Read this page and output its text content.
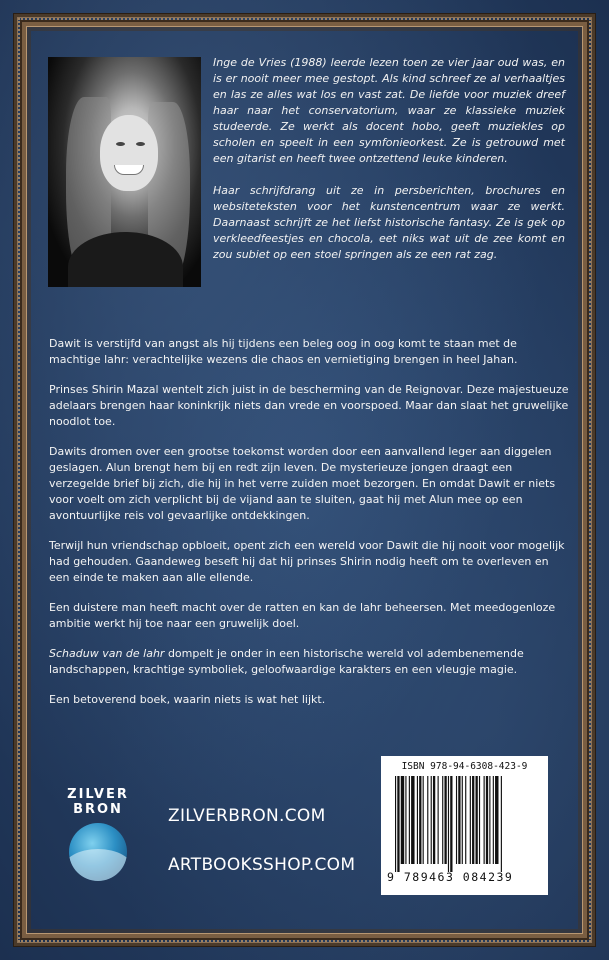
Inge de Vries (1988) leerde lezen toen ze vier jaar oud was, en is er nooit meer mee gestopt. Als kind schreef ze al verhaaltjes en las ze alles wat los en vast zat. De liefde voor muziek dreef haar naar het conservatorium, waar ze klassieke muziek studeerde. Ze werkt als docent hobo, geeft muziekles op scholen en speelt in een symfonieorkest. Ze is getrouwd met een gitarist en heeft twee ontzettend leuke kinderen.

Haar schrijfdrang uit ze in persberichten, brochures en websiteteksten voor het kunstencentrum waar ze werkt. Daarnaast schrijft ze het liefst historische fantasy. Ze is gek op verkleedfeestjes en chocola, eet niks wat uit de zee komt en zou subiet op een stoel springen als ze een rat zag.

Dawit is verstijfd van angst als hij tijdens een beleg oog in oog komt te staan met de machtige lahr: verachtelijke wezens die chaos en vernietiging brengen in heel Jahan.

Prinses Shirin Mazal wentelt zich juist in de bescherming van de Reignovar. Deze majestueuze adelaars brengen haar koninkrijk niets dan vrede en voorspoed. Maar dan slaat het gruwelijke noodlot toe.

Dawits dromen over een grootse toekomst worden door een aanvallend leger aan diggelen geslagen. Alun brengt hem bij en redt zijn leven. De mysterieuze jongen draagt een verzegelde brief bij zich, die hij in het verre zuiden moet bezorgen. En omdat Dawit er niets voor voelt om zich verplicht bij de vijand aan te sluiten, gaat hij met Alun mee op een avontuurlijke reis vol gevaarlijke ontdekkingen.

Terwijl hun vriendschap opbloeit, opent zich een wereld voor Dawit die hij nooit voor mogelijk had gehouden. Gaandeweg beseft hij dat hij prinses Shirin nodig heeft om te overleven en een einde te maken aan alle ellende.

Een duistere man heeft macht over de ratten en kan de lahr beheersen. Met meedogenloze ambitie werkt hij toe naar een gruwelijk doel.

Schaduw van de lahr dompelt je onder in een historische wereld vol adembenemende landschappen, krachtige symboliek, geloofwaardige karakters en een vleugje magie.

Een betoverend boek, waarin niets is wat het lijkt.

ZILVER
BRON	ZILVERBRON.COM
ARTBOOKSSHOP.COM
ISBN 978-94-6308-423-9
9 789463 084239
